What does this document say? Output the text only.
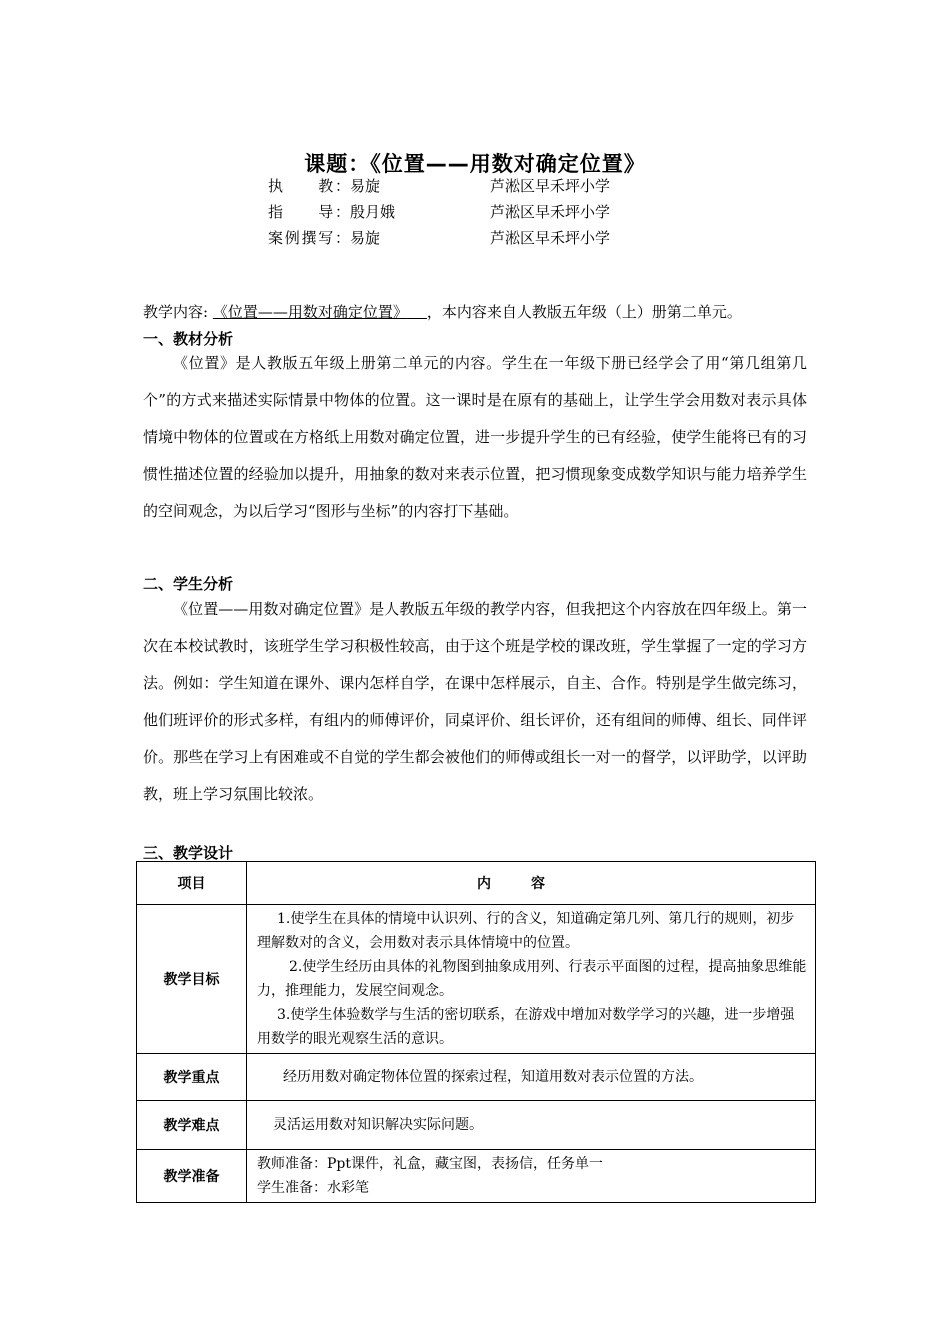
课题：《位置——用数对确定位置》
执　　教：易旋	芦淞区早禾坪小学
指　　导：殷月娥	芦淞区早禾坪小学
案例撰写：易旋	芦淞区早禾坪小学
教学内容: 《位置——用数对确定位置》 ，本内容来自人教版五年级（上）册第二单元。
一、教材分析

《位置》是人教版五年级上册第二单元的内容。学生在一年级下册已经学会了用“第几组第几个”的方式来描述实际情景中物体的位置。这一课时是在原有的基础上，让学生学会用数对表示具体情境中物体的位置或在方格纸上用数对确定位置，进一步提升学生的已有经验，使学生能将已有的习惯性描述位置的经验加以提升，用抽象的数对来表示位置，把习惯现象变成数学知识与能力培养学生的空间观念，为以后学习“图形与坐标”的内容打下基础。

二、学生分析

《位置——用数对确定位置》是人教版五年级的教学内容，但我把这个内容放在四年级上。第一次在本校试教时，该班学生学习积极性较高，由于这个班是学校的课改班，学生掌握了一定的学习方法。例如：学生知道在课外、课内怎样自学，在课中怎样展示，自主、合作。特别是学生做完练习，他们班评价的形式多样，有组内的师傅评价，同桌评价、组长评价，还有组间的师傅、组长、同伴评价。那些在学习上有困难或不自觉的学生都会被他们的师傅或组长一对一的督学，以评助学，以评助教，班上学习氛围比较浓。

三、教学设计
项目	内容
教学目标	1.使学生在具体的情境中认识列、行的含义，知道确定第几列、第几行的规则，初步理解数对的含义，会用数对表示具体情境中的位置。

2.使学生经历由具体的礼物图到抽象成用列、行表示平面图的过程，提高抽象思维能力，推理能力，发展空间观念。

3.使学生体验数学与生活的密切联系，在游戏中增加对数学学习的兴趣，进一步增强用数学的眼光观察生活的意识。

教学重点	经历用数对确定物体位置的探索过程，知道用数对表示位置的方法。
教学难点	灵活运用数对知识解决实际问题。
教学准备	教师准备：Ppt课件，礼盒，藏宝图，表扬信，任务单一
学生准备：水彩笔
